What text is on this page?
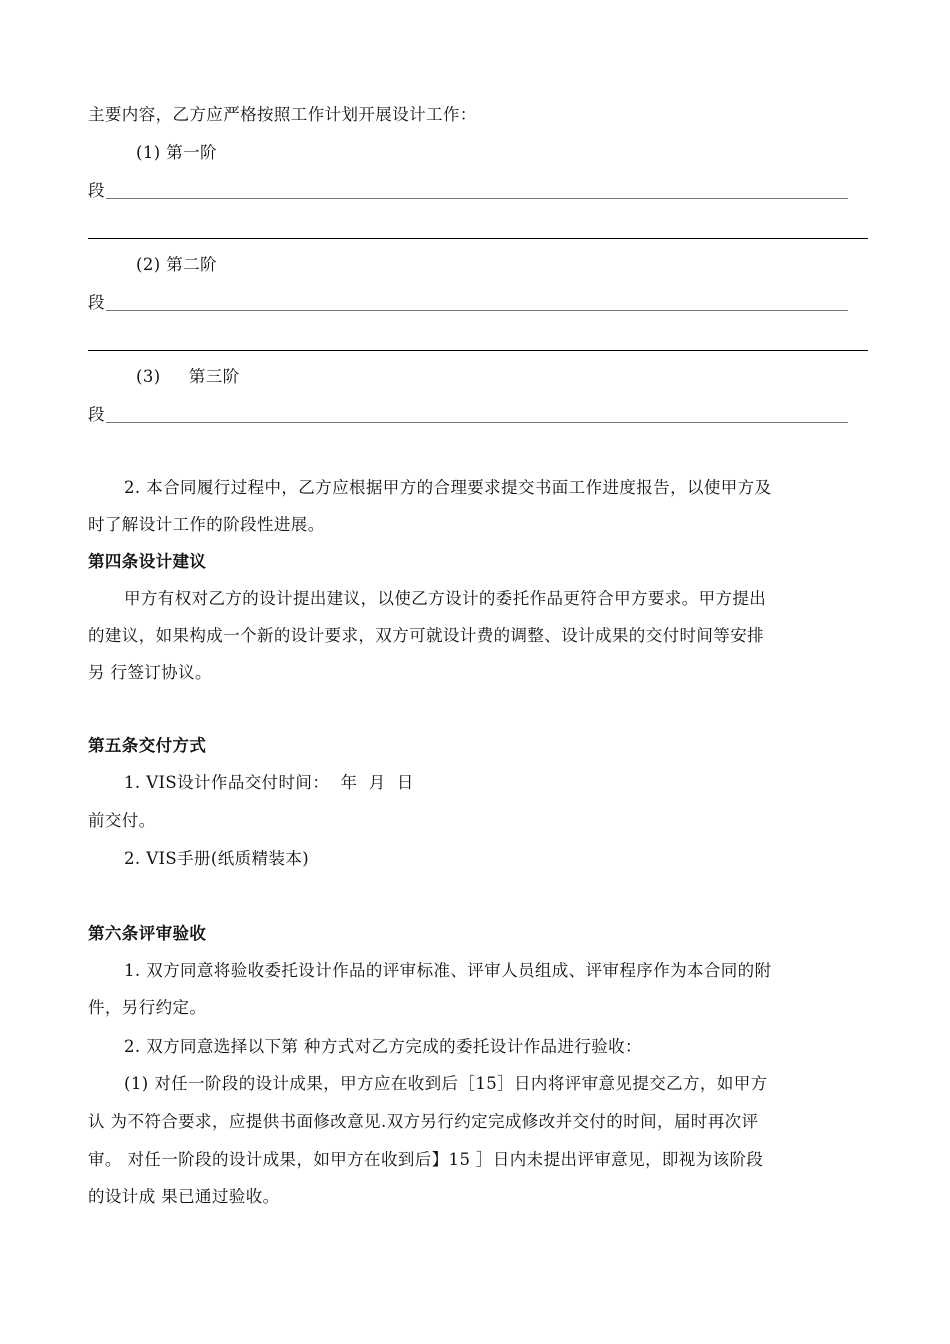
主要内容，乙方应严格按照工作计划开展设计工作：
(1) 第一阶
段
(2) 第二阶
段
(3)     第三阶
段
2. 本合同履行过程中，乙方应根据甲方的合理要求提交书面工作进度报告，以使甲方及
时了解设计工作的阶段性进展。
第四条设计建议
甲方有权对乙方的设计提出建议，以使乙方设计的委托作品更符合甲方要求。甲方提出
的建议，如果构成一个新的设计要求，双方可就设计费的调整、设计成果的交付时间等安排
另 行签订协议。
第五条交付方式
1. VIS设计作品交付时间：  年  月  日
前交付。
2. VIS手册(纸质精装本)
第六条评审验收
1. 双方同意将验收委托设计作品的评审标准、评审人员组成、评审程序作为本合同的附
件，另行约定。
2. 双方同意选择以下第 种方式对乙方完成的委托设计作品进行验收：
(1) 对任一阶段的设计成果，甲方应在收到后［15］日内将评审意见提交乙方，如甲方
认 为不符合要求，应提供书面修改意见.双方另行约定完成修改并交付的时间，届时再次评
审。 对任一阶段的设计成果，如甲方在收到后】15 ］日内未提出评审意见，即视为该阶段
的设计成 果已通过验收。
